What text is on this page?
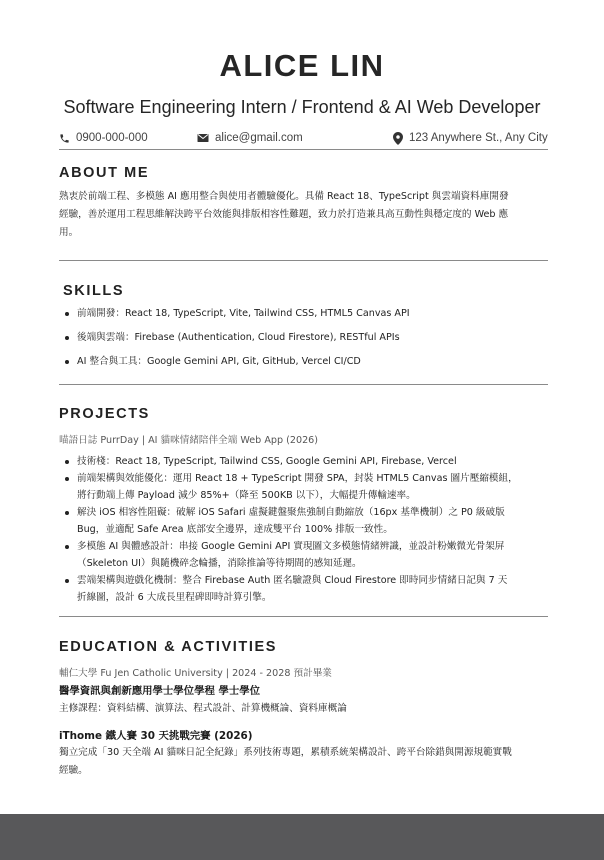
ALICE LIN
Software Engineering Intern / Frontend & AI Web Developer
0900-000-000	alice@gmail.com	123 Anywhere St., Any City
ABOUT ME
熟衷於前端工程、多模態 AI 應用整合與使用者體驗優化。具備 React 18、TypeScript 與雲端資料庫開發
經驗，善於運用工程思維解決跨平台效能與排版相容性難題，致力於打造兼具高互動性與穩定度的 Web 應
用。
SKILLS
前端開發：React 18, TypeScript, Vite, Tailwind CSS, HTML5 Canvas API
後端與雲端：Firebase (Authentication, Cloud Firestore), RESTful APIs
AI 整合與工具：Google Gemini API, Git, GitHub, Vercel CI/CD
PROJECTS
喵語日誌 PurrDay | AI 貓咪情緒陪伴全端 Web App (2026)
技術棧：React 18, TypeScript, Tailwind CSS, Google Gemini API, Firebase, Vercel
前端架構與效能優化：運用 React 18 + TypeScript 開發 SPA，封裝 HTML5 Canvas 圖片壓縮模組，
將行動端上傳 Payload 減少 85%+（降至 500KB 以下），大幅提升傳輸速率。
解決 iOS 相容性阻礙：破解 iOS Safari 虛擬鍵盤聚焦強制自動縮放（16px 基準機制）之 P0 級破版
Bug，並適配 Safe Area 底部安全邊界，達成雙平台 100% 排版一致性。
多模態 AI 與體感設計：串接 Google Gemini API 實現圖文多模態情緒辨識，並設計粉嫩微光骨架屏
（Skeleton UI）與隨機碎念輪播，消除推論等待期間的感知延遲。
雲端架構與遊戲化機制：整合 Firebase Auth 匿名驗證與 Cloud Firestore 即時同步情緒日記與 7 天
折線圖，設計 6 大成長里程碑即時計算引擎。
EDUCATION & ACTIVITIES
輔仁大學 Fu Jen Catholic University | 2024 - 2028 預計畢業
醫學資訊與創新應用學士學位學程 學士學位
主修課程：資料結構、演算法、程式設計、計算機概論、資料庫概論
iThome 鐵人賽 30 天挑戰完賽 (2026)
獨立完成「30 天全端 AI 貓咪日記全紀錄」系列技術專題，累積系統架構設計、跨平台除錯與開源規範實戰
經驗。
